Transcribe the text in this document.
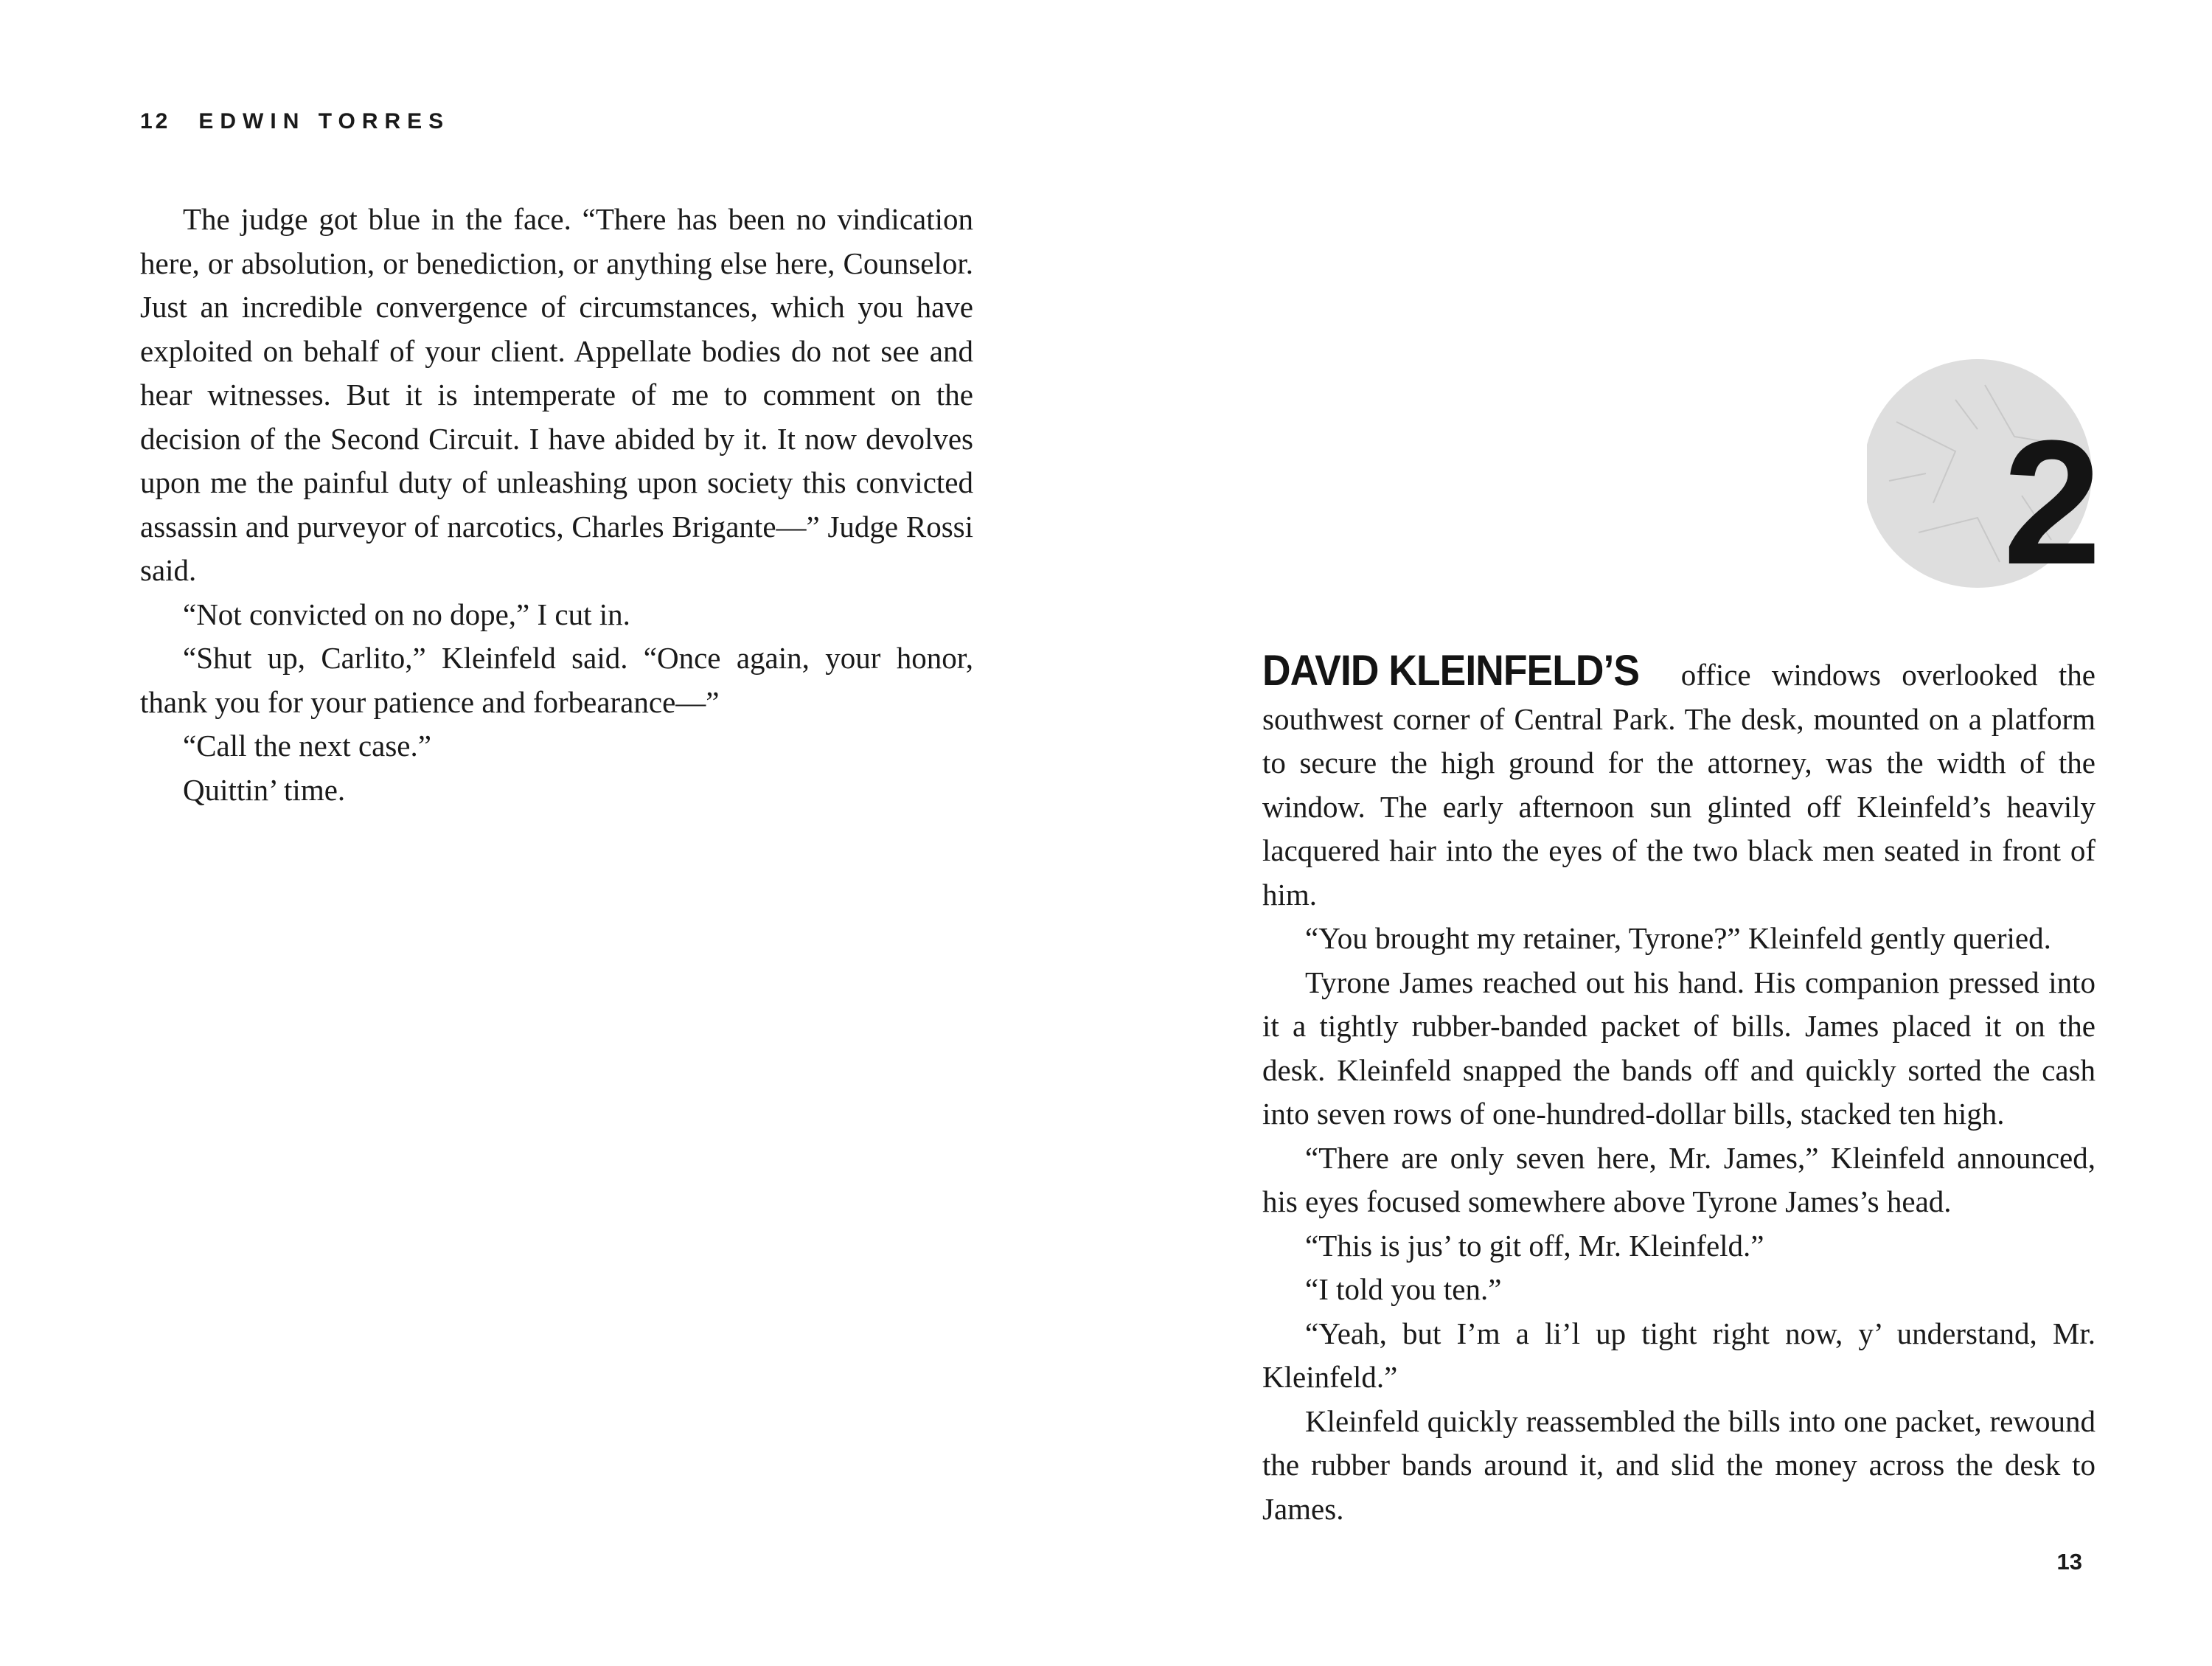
12 EDWIN TORRES

The judge got blue in the face. “There has been no vindication here, or absolution, or benediction, or anything else here, Counselor. Just an incredible convergence of circumstances, which you have exploited on behalf of your client. Appellate bodies do not see and hear witnesses. But it is intemperate of me to comment on the decision of the Second Circuit. I have abided by it. It now devolves upon me the painful duty of unleashing upon society this convicted assassin and purveyor of narcotics, Charles Brigante—” Judge Rossi said.

“Not convicted on no dope,” I cut in.

“Shut up, Carlito,” Kleinfeld said. “Once again, your honor, thank you for your patience and forbearance—”

“Call the next case.”

Quittin’ time.

2

DAVID KLEINFELD’S office windows overlooked the southwest corner of Central Park. The desk, mounted on a platform to secure the high ground for the attorney, was the width of the window. The early afternoon sun glinted off Kleinfeld’s heavily lacquered hair into the eyes of the two black men seated in front of him.

“You brought my retainer, Tyrone?” Kleinfeld gently queried.

Tyrone James reached out his hand. His companion pressed into it a tightly rubber-banded packet of bills. James placed it on the desk. Kleinfeld snapped the bands off and quickly sorted the cash into seven rows of one-hundred-dollar bills, stacked ten high.

“There are only seven here, Mr. James,” Kleinfeld announced, his eyes focused somewhere above Tyrone James’s head.

“This is jus’ to git off, Mr. Kleinfeld.”

“I told you ten.”

“Yeah, but I’m a li’l up tight right now, y’ understand, Mr. Kleinfeld.”

Kleinfeld quickly reassembled the bills into one packet, rewound the rubber bands around it, and slid the money across the desk to James.

13
